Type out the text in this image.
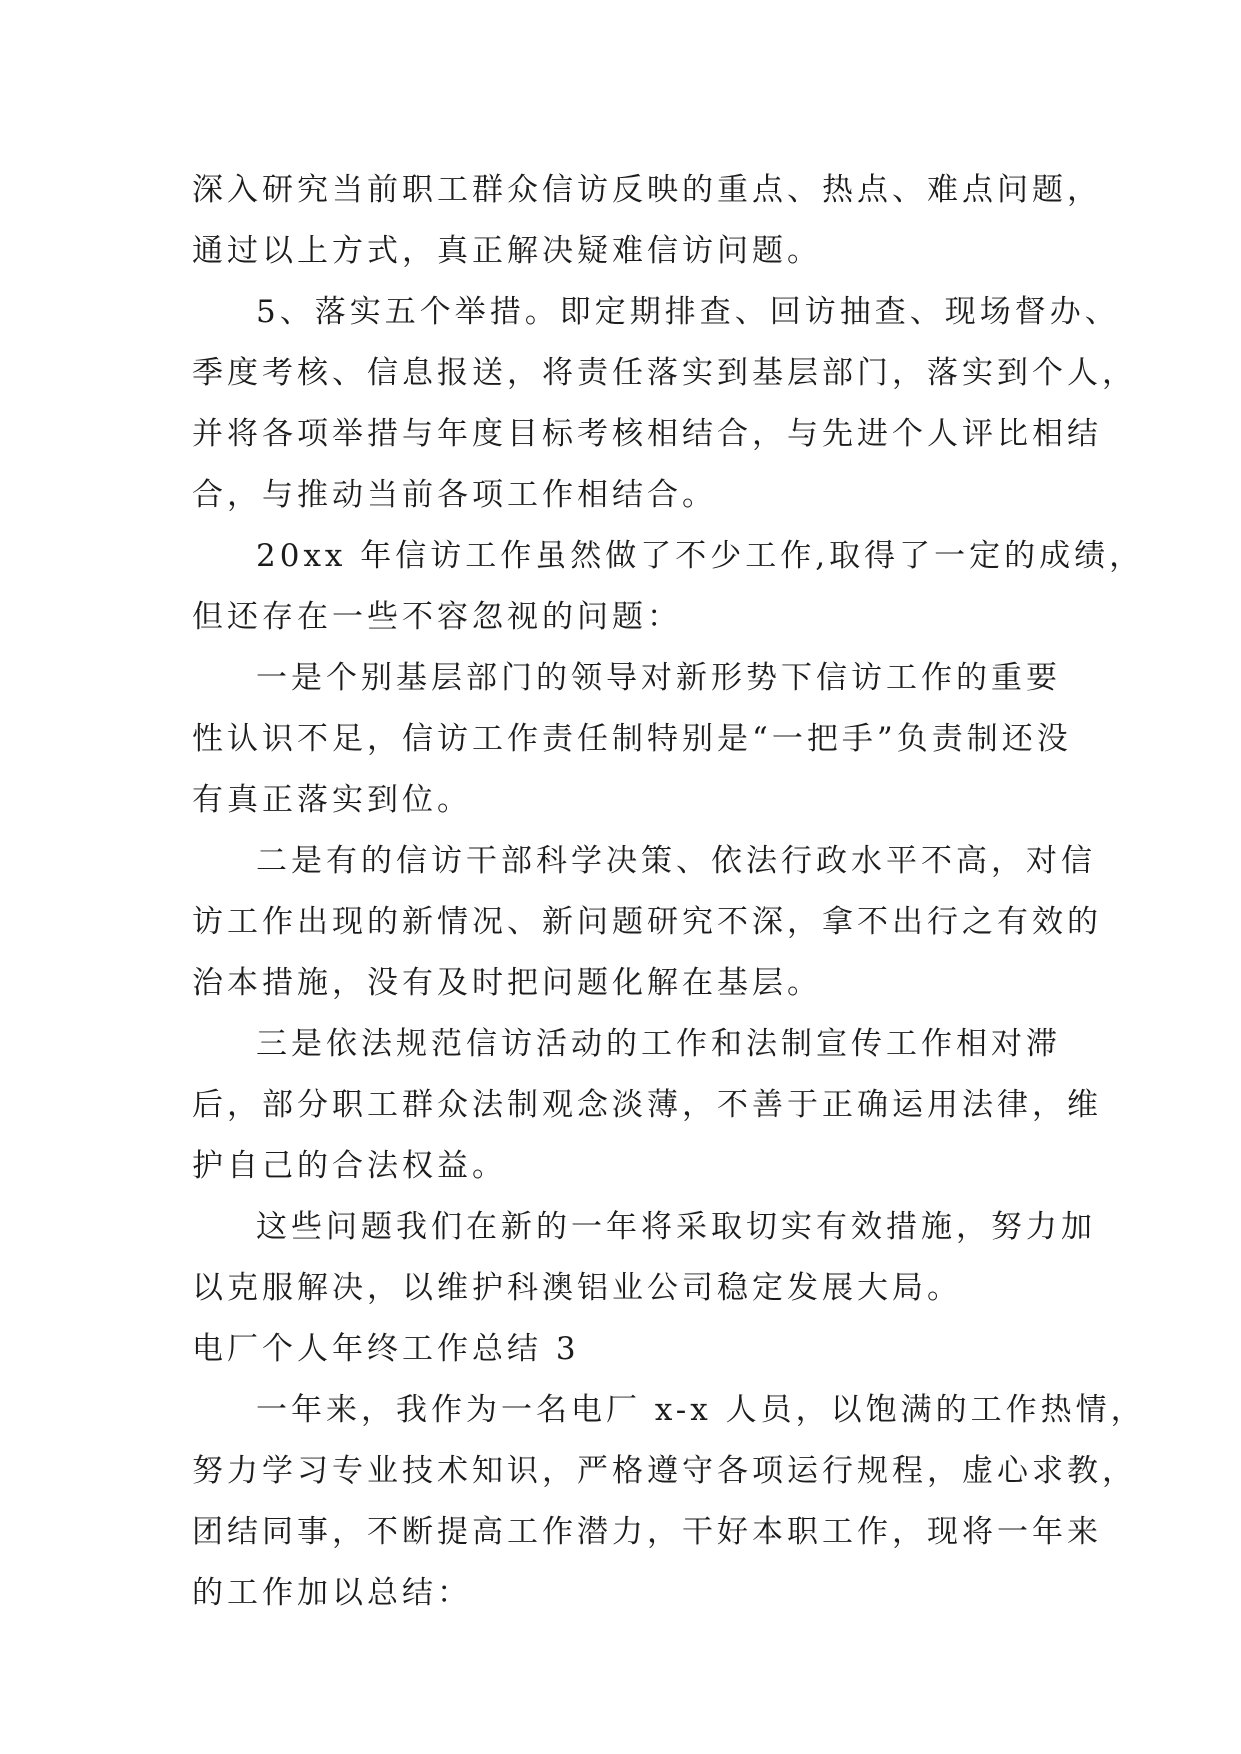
深入研究当前职工群众信访反映的重点、热点、难点问题，
通过以上方式，真正解决疑难信访问题。
5、落实五个举措。即定期排查、回访抽查、现场督办、
季度考核、信息报送，将责任落实到基层部门，落实到个人，
并将各项举措与年度目标考核相结合，与先进个人评比相结
合，与推动当前各项工作相结合。
20xx 年信访工作虽然做了不少工作,取得了一定的成绩，
但还存在一些不容忽视的问题：
一是个别基层部门的领导对新形势下信访工作的重要
性认识不足，信访工作责任制特别是“一把手”负责制还没
有真正落实到位。
二是有的信访干部科学决策、依法行政水平不高，对信
访工作出现的新情况、新问题研究不深，拿不出行之有效的
治本措施，没有及时把问题化解在基层。
三是依法规范信访活动的工作和法制宣传工作相对滞
后，部分职工群众法制观念淡薄，不善于正确运用法律，维
护自己的合法权益。
这些问题我们在新的一年将采取切实有效措施，努力加
以克服解决，以维护科澳铝业公司稳定发展大局。
电厂个人年终工作总结 3
一年来，我作为一名电厂 x-x 人员，以饱满的工作热情，
努力学习专业技术知识，严格遵守各项运行规程，虚心求教，
团结同事，不断提高工作潜力，干好本职工作，现将一年来
的工作加以总结：
